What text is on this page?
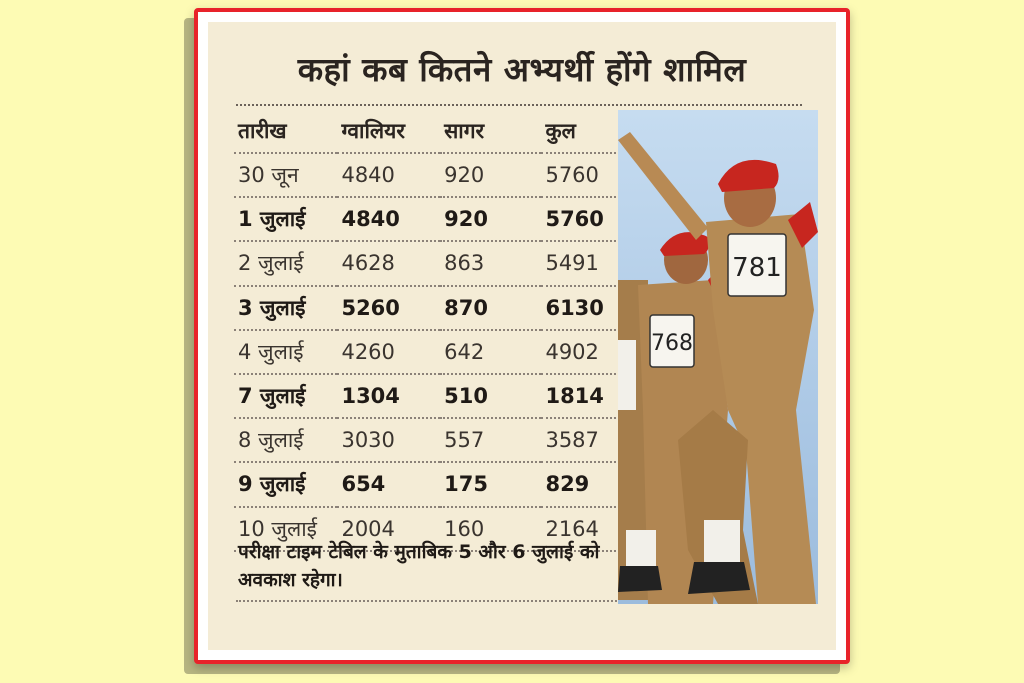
कहां कब कितने अभ्यर्थी होंगे शामिल
तारीख	ग्वालियर	सागर	कुल
30 जून	4840	920	5760
1 जुलाई	4840	920	5760
2 जुलाई	4628	863	5491
3 जुलाई	5260	870	6130
4 जुलाई	4260	642	4902
7 जुलाई	1304	510	1814
8 जुलाई	3030	557	3587
9 जुलाई	654	175	829
10 जुलाई	2004	160	2164
परीक्षा टाइम टेबिल के मुताबिक 5 और 6 जुलाई को अवकाश रहेगा।
768
781
